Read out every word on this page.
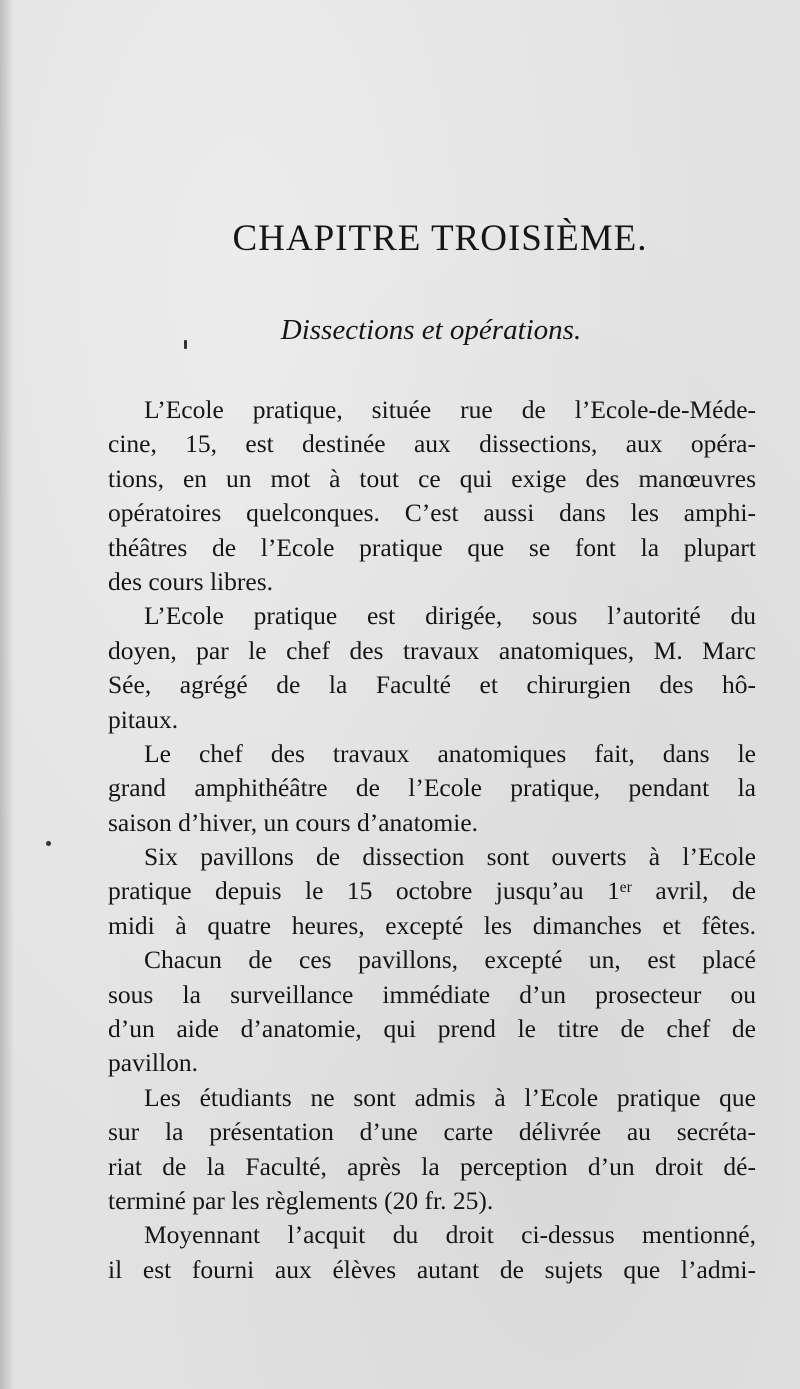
CHAPITRE TROISIÈME.
Dissections et opérations.

L’Ecole pratique, située rue de l’Ecole-de-Méde-
cine, 15, est destinée aux dissections, aux opéra-
tions, en un mot à tout ce qui exige des manœuvres
opératoires quelconques. C’est aussi dans les amphi-
théâtres de l’Ecole pratique que se font la plupart
des cours libres.

L’Ecole pratique est dirigée, sous l’autorité du
doyen, par le chef des travaux anatomiques, M. Marc
Sée, agrégé de la Faculté et chirurgien des hô-
pitaux.

Le chef des travaux anatomiques fait, dans le
grand amphithéâtre de l’Ecole pratique, pendant la
saison d’hiver, un cours d’anatomie.

Six pavillons de dissection sont ouverts à l’Ecole
pratique depuis le 15 octobre jusqu’au 1ᵉʳ avril, de
midi à quatre heures, excepté les dimanches et fêtes.

Chacun de ces pavillons, excepté un, est placé
sous la surveillance immédiate d’un prosecteur ou
d’un aide d’anatomie, qui prend le titre de chef de
pavillon.

Les étudiants ne sont admis à l’Ecole pratique que
sur la présentation d’une carte délivrée au secréta-
riat de la Faculté, après la perception d’un droit dé-
terminé par les règlements (20 fr. 25).

Moyennant l’acquit du droit ci-dessus mentionné,
il est fourni aux élèves autant de sujets que l’admi-
